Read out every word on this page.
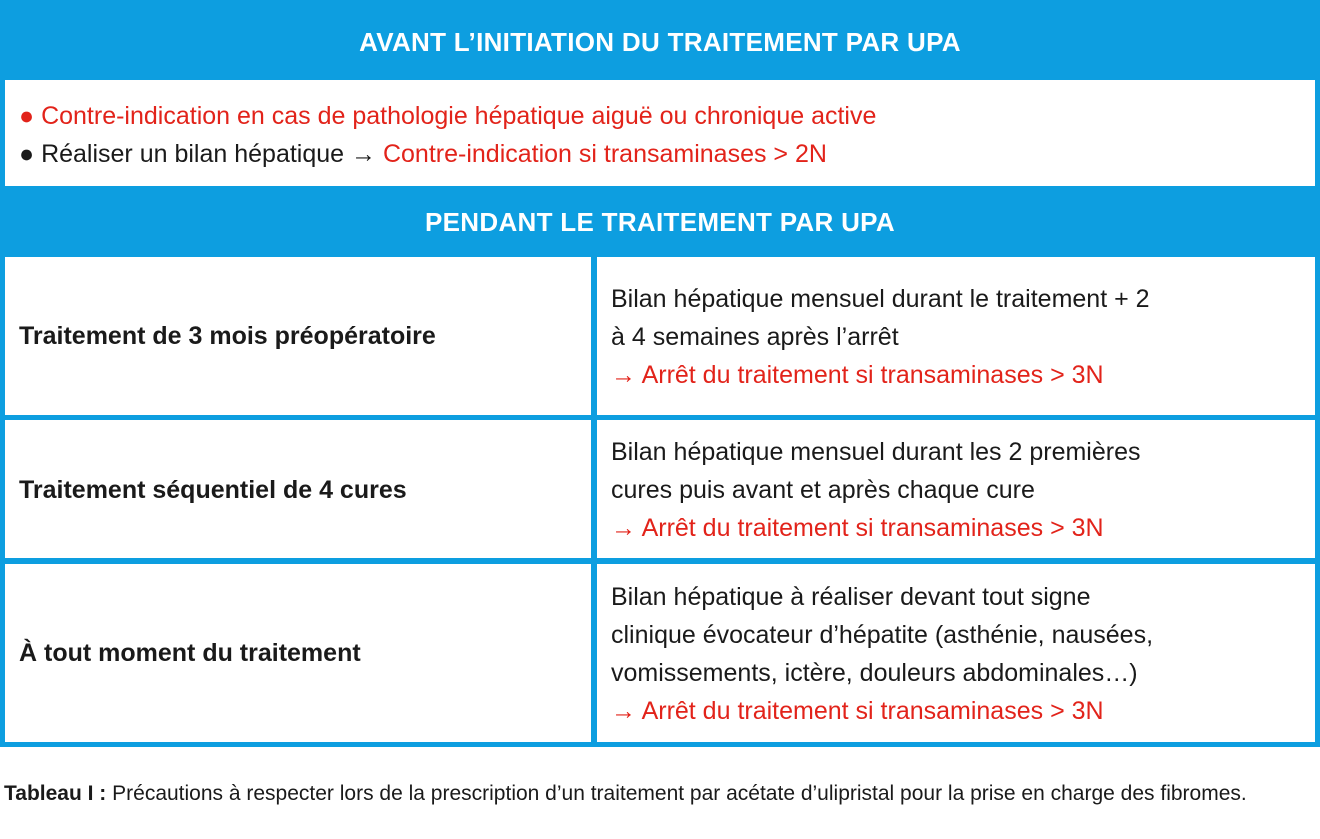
AVANT L’INITIATION DU TRAITEMENT PAR UPA
● Contre-indication en cas de pathologie hépatique aiguë ou chronique active
● Réaliser un bilan hépatique → Contre-indication si transaminases > 2N
PENDANT LE TRAITEMENT PAR UPA
Traitement de 3 mois préopératoire
Bilan hépatique mensuel durant le traitement + 2
à 4 semaines après l’arrêt
→ Arrêt du traitement si transaminases > 3N
Traitement séquentiel de 4 cures
Bilan hépatique mensuel durant les 2 premières
cures puis avant et après chaque cure
→ Arrêt du traitement si transaminases > 3N
À tout moment du traitement
Bilan hépatique à réaliser devant tout signe
clinique évocateur d’hépatite (asthénie, nausées,
vomissements, ictère, douleurs abdominales…)
→ Arrêt du traitement si transaminases > 3N
Tableau I : Précautions à respecter lors de la prescription d’un traitement par acétate d’ulipristal pour la prise en charge des fibromes.
